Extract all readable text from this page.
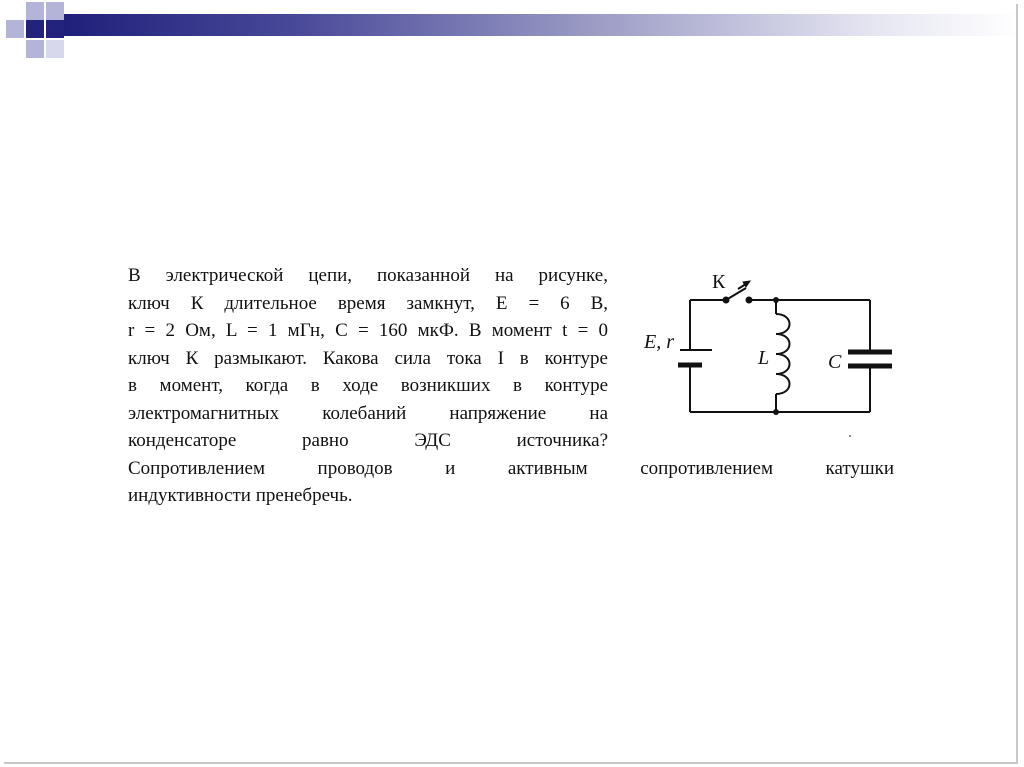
В электрической цепи, показанной на рисунке,
ключ К длительное время замкнут, E = 6 В,
r = 2 Ом, L = 1 мГн, C = 160 мкФ. В момент t = 0
ключ К размыкают. Какова сила тока I в контуре
в момент, когда в ходе возникших в контуре
электромагнитных колебаний напряжение на
конденсаторе равно ЭДС источника?
Сопротивлением проводов и активным сопротивлением катушки
индуктивности пренебречь.
К
E, r
L	C
